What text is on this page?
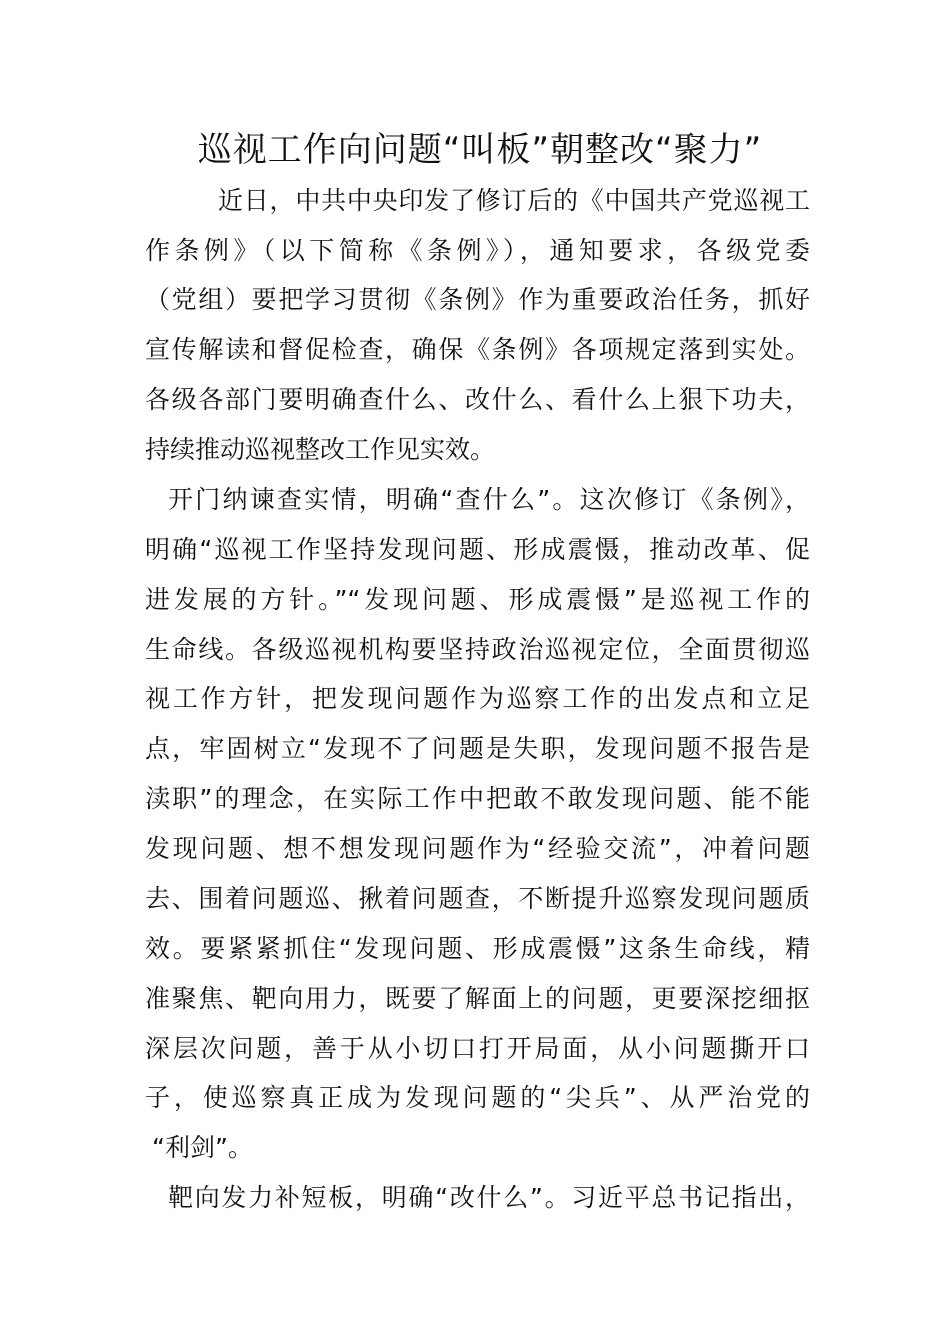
巡视工作向问题“叫板”朝整改“聚力”
近日，中共中央印发了修订后的《中国共产党巡视工
作条例》（以下简称《条例》），通知要求，各级党委
（党组）要把学习贯彻《条例》作为重要政治任务，抓好
宣传解读和督促检查，确保《条例》各项规定落到实处。
各级各部门要明确查什么、改什么、看什么上狠下功夫，
持续推动巡视整改工作见实效。
开门纳谏查实情，明确“查什么”。这次修订《条例》，
明确“巡视工作坚持发现问题、形成震慑，推动改革、促
进发展的方针。”“发现问题、形成震慑”是巡视工作的
生命线。各级巡视机构要坚持政治巡视定位，全面贯彻巡
视工作方针，把发现问题作为巡察工作的出发点和立足
点，牢固树立“发现不了问题是失职，发现问题不报告是
渎职”的理念，在实际工作中把敢不敢发现问题、能不能
发现问题、想不想发现问题作为“经验交流”，冲着问题
去、围着问题巡、揪着问题查，不断提升巡察发现问题质
效。要紧紧抓住“发现问题、形成震慑”这条生命线，精
准聚焦、靶向用力，既要了解面上的问题，更要深挖细抠
深层次问题，善于从小切口打开局面，从小问题撕开口
子，使巡察真正成为发现问题的“尖兵”、从严治党的
“利剑”。
靶向发力补短板，明确“改什么”。习近平总书记指出，
